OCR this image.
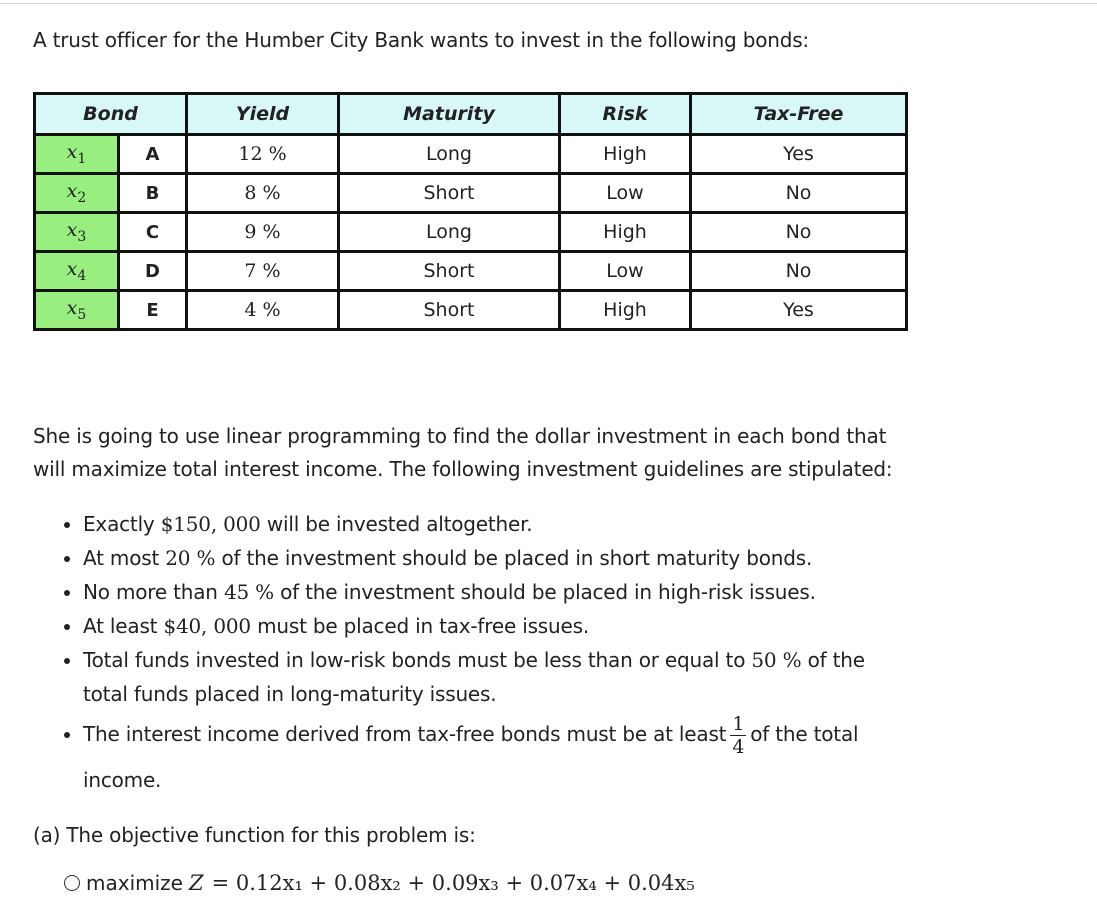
A trust officer for the Humber City Bank wants to invest in the following bonds:
Bond		Yield	Maturity	Risk	Tax-Free
$x_1$	A	12 %	Long	High	Yes
$x_2$	B	8 %	Short	Low	No
$x_3$	C	9 %	Long	High	No
$x_4$	D	7 %	Short	Low	No
$x_5$	E	4 %	Short	High	Yes
She is going to use linear programming to find the dollar investment in each bond that will maximize total interest income. The following investment guidelines are stipulated:
• Exactly $150, 000 will be invested altogether.
• At most 20 % of the investment should be placed in short maturity bonds.
• No more than 45 % of the investment should be placed in high-risk issues.
• At least $40, 000 must be placed in tax-free issues.
• Total funds invested in low-risk bonds must be less than or equal to 50 % of the total funds placed in long-maturity issues.
• The interest income derived from tax-free bonds must be at least $\frac{1}{4}$ of the total
income.
(a) The objective function for this problem is:
maximize Z = 0.12x₁ + 0.08x₂ + 0.09x₃ + 0.07x₄ + 0.04x₅
